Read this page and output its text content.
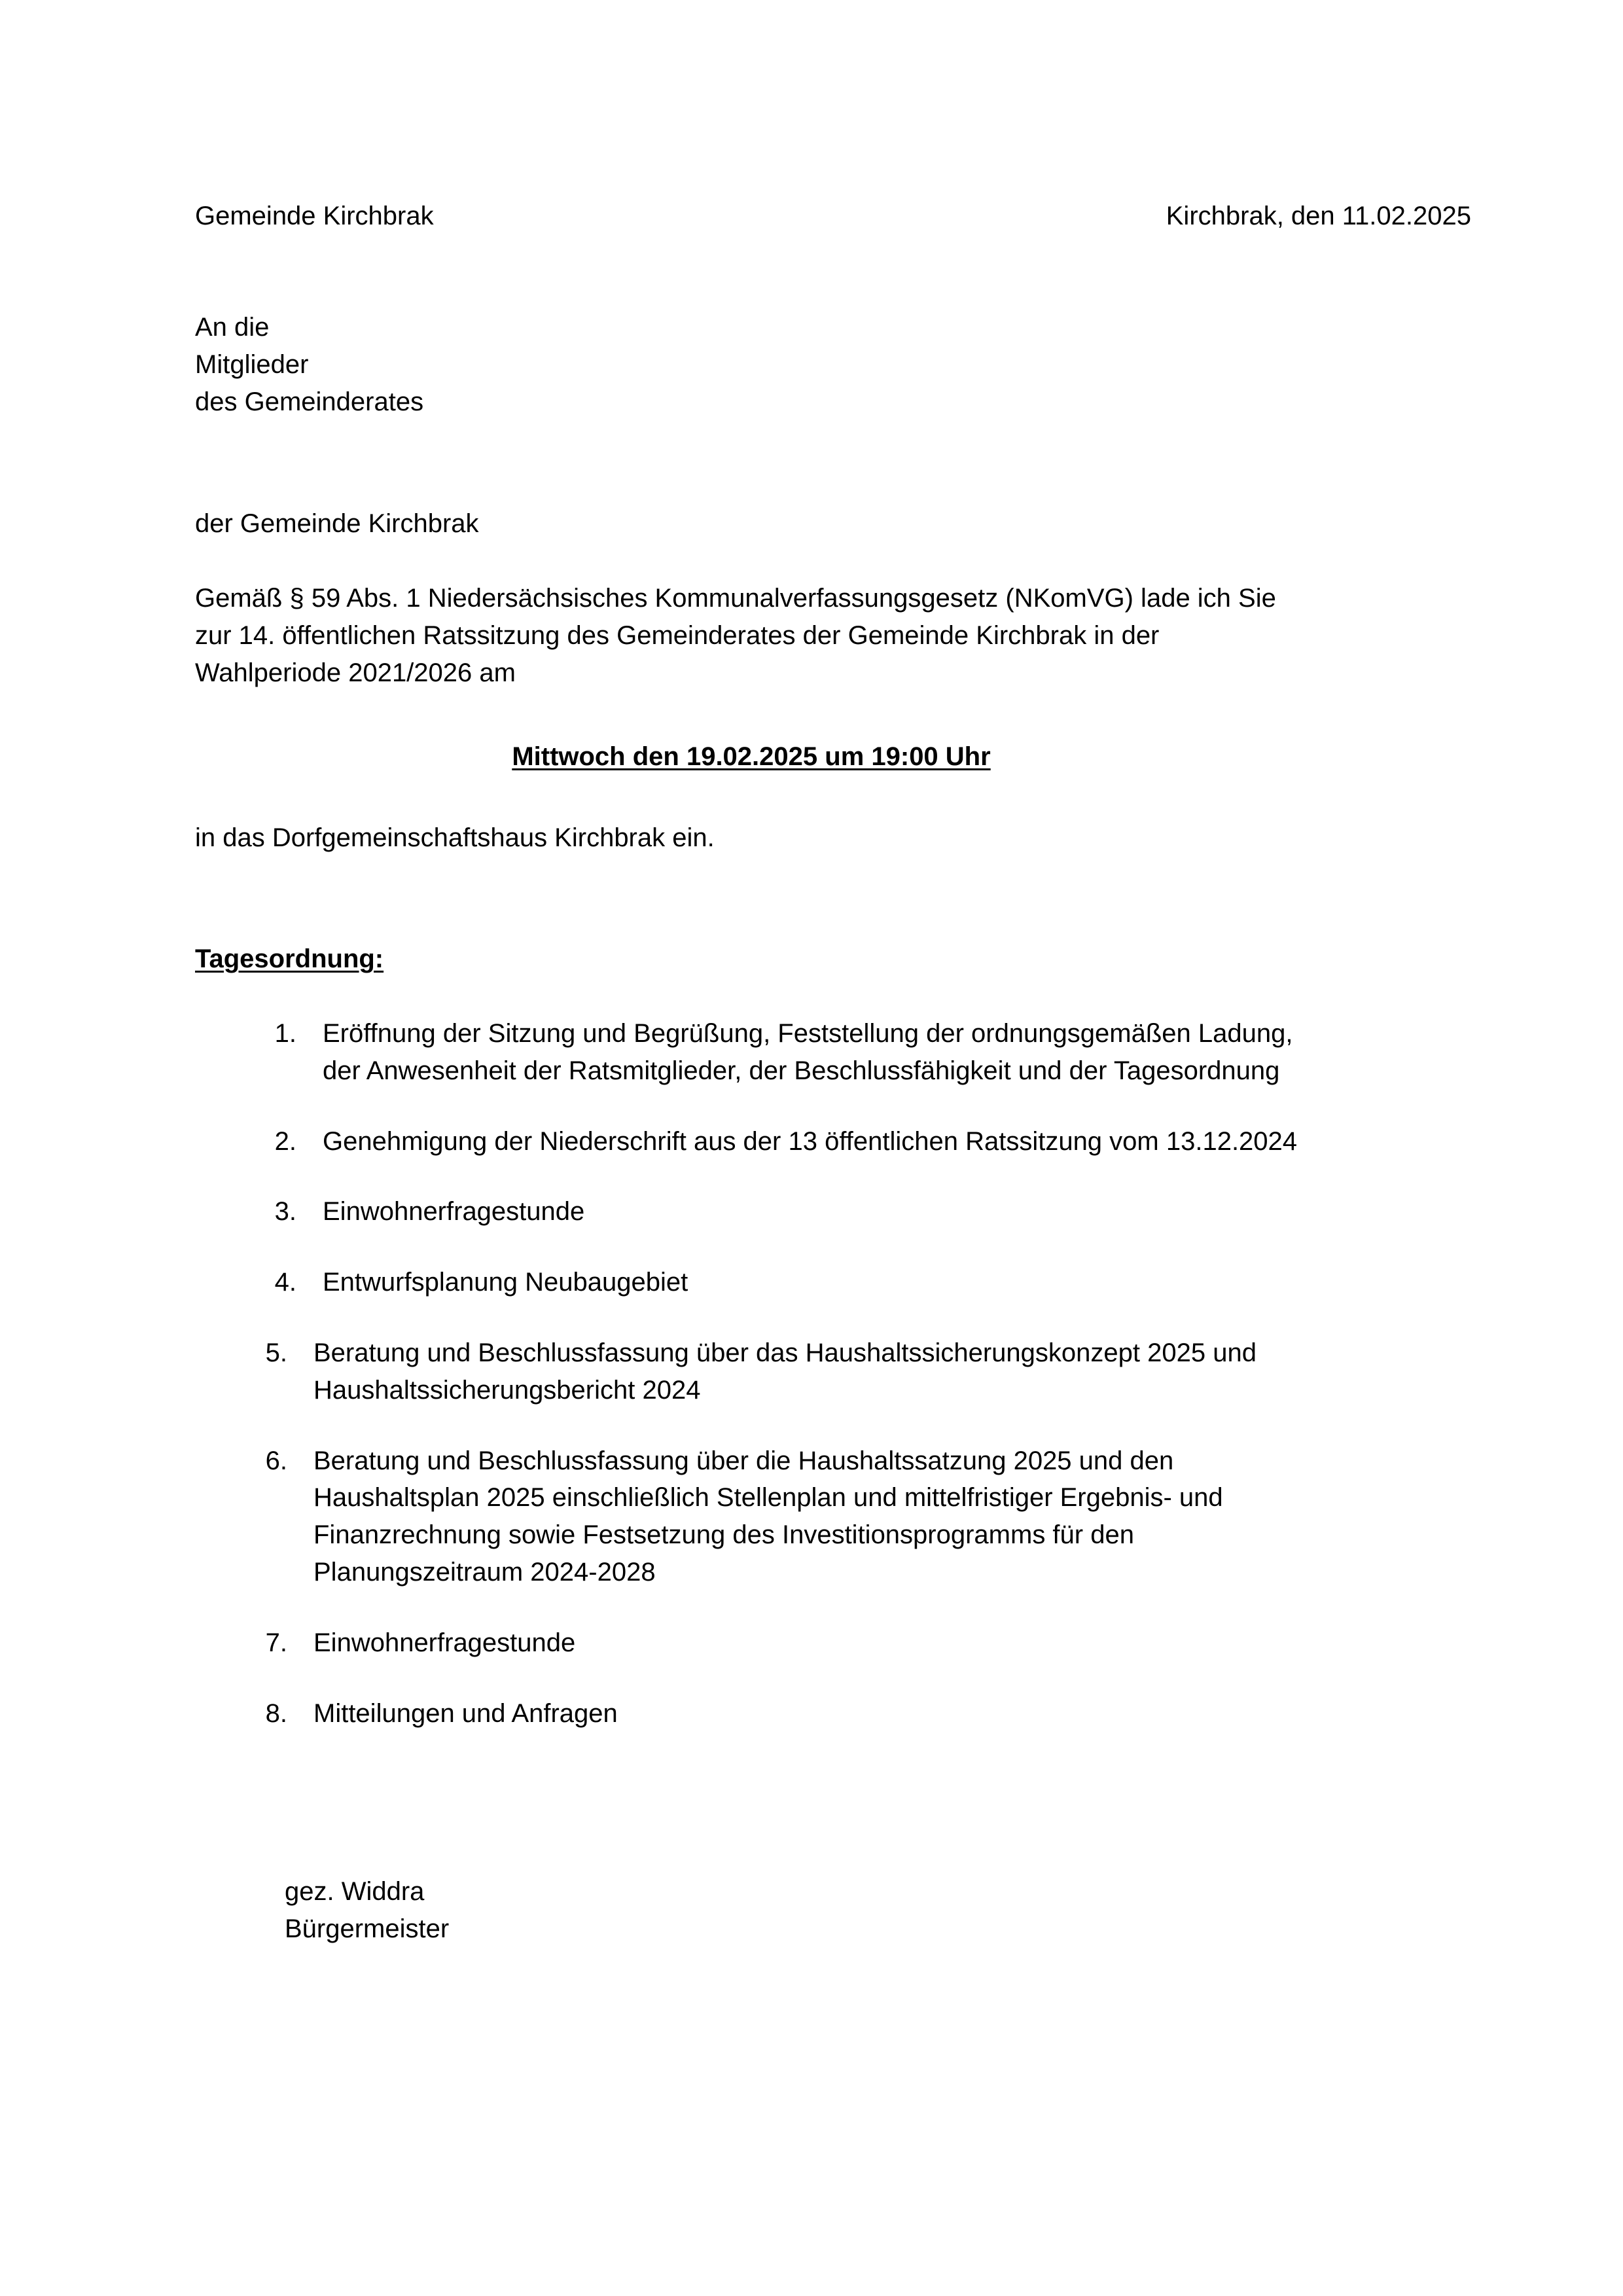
Gemeinde Kirchbrak	Kirchbrak, den 11.02.2025
An die
Mitglieder
des Gemeinderates
der Gemeinde Kirchbrak
Gemäß § 59 Abs. 1 Niedersächsisches Kommunalverfassungsgesetz (NKomVG) lade ich Sie
zur 14. öffentlichen Ratssitzung des Gemeinderates der Gemeinde Kirchbrak in der
Wahlperiode 2021/2026 am
Mittwoch den 19.02.2025 um 19:00 Uhr
in das Dorfgemeinschaftshaus Kirchbrak ein.
Tagesordnung:
1. Eröffnung der Sitzung und Begrüßung, Feststellung der ordnungsgemäßen Ladung,
der Anwesenheit der Ratsmitglieder, der Beschlussfähigkeit und der Tagesordnung
2. Genehmigung der Niederschrift aus der 13 öffentlichen Ratssitzung vom 13.12.2024
3. Einwohnerfragestunde
4. Entwurfsplanung Neubaugebiet
5. Beratung und Beschlussfassung über das Haushaltssicherungskonzept 2025 und
Haushaltssicherungsbericht 2024
6. Beratung und Beschlussfassung über die Haushaltssatzung 2025 und den
Haushaltsplan 2025 einschließlich Stellenplan und mittelfristiger Ergebnis- und
Finanzrechnung sowie Festsetzung des Investitionsprogramms für den
Planungszeitraum 2024-2028
7. Einwohnerfragestunde
8. Mitteilungen und Anfragen
gez. Widdra
Bürgermeister
